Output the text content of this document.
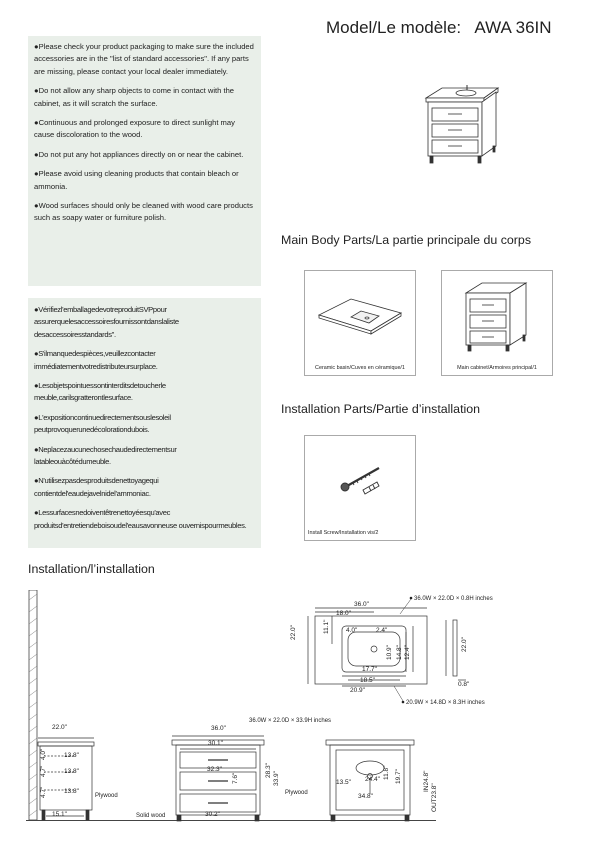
Model/Le modèle: AWA 36IN

●Please check your product packaging to make sure the included accessories are in the "list of standard accessories". If any parts are missing, please contact your local dealer immediately.

●Do not allow any sharp objects to come in contact with the cabinet, as it will scratch the surface.

●Continuous and prolonged exposure to direct sunlight may cause discoloration to the wood.

●Do not put any hot appliances directly on or near the cabinet.

●Please avoid using cleaning products that contain bleach or ammonia.

●Wood surfaces should only be cleaned with wood care products such as soapy water or furniture polish.

●Vérifiezl'emballagedevotreproduitSVPpour assurerquelesaccessoiresfournissontdanslaliste desaccessoiresstandards".

●S'ilmanquedespièces,veuillezcontacter immédiatementvotredistributeursurplace.

●Lesobjetspointuessontinterditsdetoucherle meuble,carilsgratterontlesurface.

●L'expositioncontinuedirectementsouslesoleil peutprovoquerunedécolorationdubois.

●Neplacezaucunechosechaudedirectementsur latableouàcôtédumeuble.

●N'utilisezpasdesproduitsdenettoyagequi contientdel'eaudejavelnidel'ammoniac.

●Lessurfacesnedoiventêtrenettoyéesqu'avec produitsd'entretiendeboisoudel'eausavonneuse ouvernispourmeubles.

Main Body Parts/La partie principale du corps
Ceramic basin/Cuves en céramique/1	Main cabinet/Armoires principal/1
Installation Parts/Partie d’installation
Install Screw/Installation vis/2
Installation/l’installation
36.0"
18.0"
36.0W × 22.0D × 0.8H inches
22.0"	11.1" 4.0"	2.4"
10.9" 14.8" 12.4"
17.7"
18.5"
20.9"
22.0"
0.8"
20.9W × 14.8D × 8.3H inches
22.0"
13.8"
13.8"
13.8"
4.0"
4.7"
4.7"
15.1"
Plywood
Solid wood
36.0"
36.0W × 22.0D × 33.9H inches
30.1"
32.3"
7.6"
28.3"
33.9"
30.2"
Plywood
13.5"
11.8" 19.7"
24.4"
34.8"
IN24.8"
OUT23.8"
